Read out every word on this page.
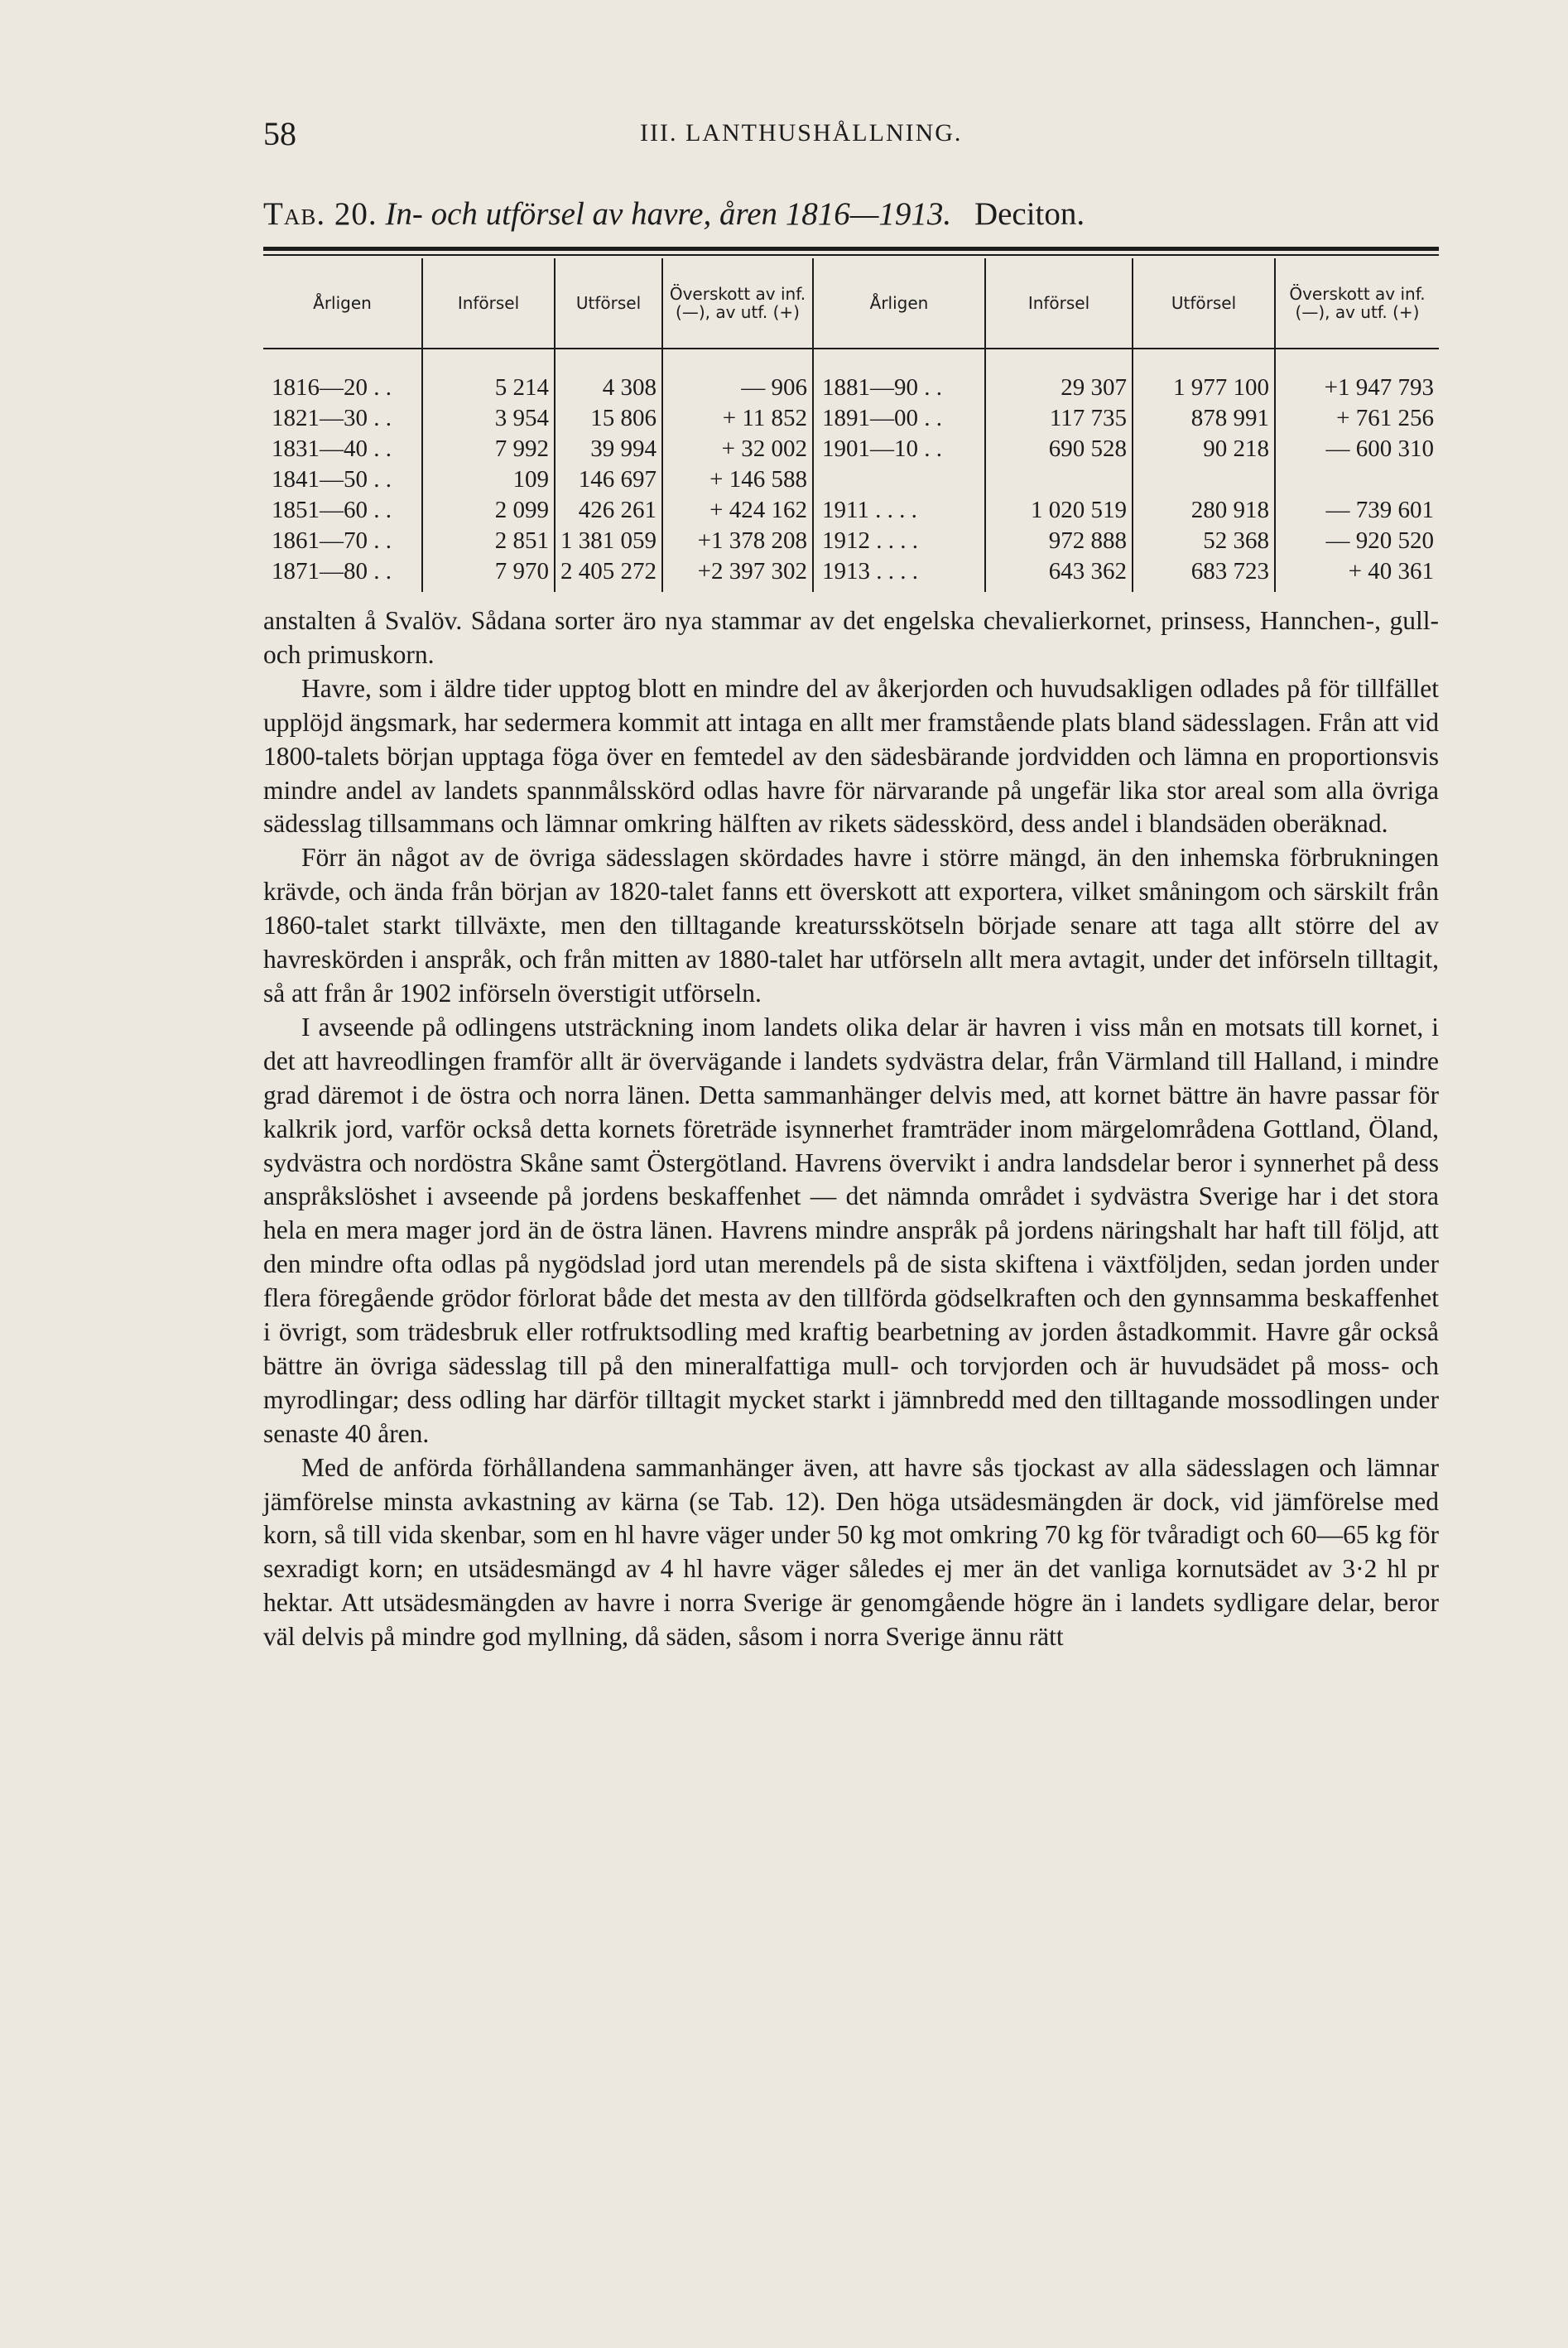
58	III. LANTHUSHÅLLNING.
Tab. 20. In- och utförsel av havre, åren 1816—1913. Deciton.
Årligen	Införsel	Utförsel	Överskott av inf. (—), av utf. (+)	Årligen	Införsel	Utförsel	Överskott av inf. (—), av utf. (+)
1816—20 . .	5 214	4 308	— 906	1881—90 . .	29 307	1 977 100	+1 947 793
1821—30 . .	3 954	15 806	+ 11 852	1891—00 . .	117 735	878 991	+ 761 256
1831—40 . .	7 992	39 994	+ 32 002	1901—10 . .	690 528	90 218	— 600 310
1841—50 . .	109	146 697	+ 146 588				
1851—60 . .	2 099	426 261	+ 424 162	1911 . . . .	1 020 519	280 918	— 739 601
1861—70 . .	2 851	1 381 059	+1 378 208	1912 . . . .	972 888	52 368	— 920 520
1871—80 . .	7 970	2 405 272	+2 397 302	1913 . . . .	643 362	683 723	+ 40 361

anstalten å Svalöv. Sådana sorter äro nya stammar av det engelska chevalierkornet, prinsess, Hannchen-, gull- och primuskorn.

Havre, som i äldre tider upptog blott en mindre del av åkerjorden och huvudsakligen odlades på för tillfället upplöjd ängsmark, har sedermera kommit att intaga en allt mer framstående plats bland sädesslagen. Från att vid 1800-talets början upptaga föga över en femtedel av den sädesbärande jordvidden och lämna en proportionsvis mindre andel av landets spannmålsskörd odlas havre för närvarande på ungefär lika stor areal som alla övriga sädesslag tillsammans och lämnar omkring hälften av rikets sädesskörd, dess andel i blandsäden oberäknad.

Förr än något av de övriga sädesslagen skördades havre i större mängd, än den inhemska förbrukningen krävde, och ända från början av 1820-talet fanns ett överskott att exportera, vilket småningom och särskilt från 1860-talet starkt tillväxte, men den tilltagande kreatursskötseln började senare att taga allt större del av havreskörden i anspråk, och från mitten av 1880-talet har utförseln allt mera avtagit, under det införseln tilltagit, så att från år 1902 införseln överstigit utförseln.

I avseende på odlingens utsträckning inom landets olika delar är havren i viss mån en motsats till kornet, i det att havreodlingen framför allt är övervägande i landets sydvästra delar, från Värmland till Halland, i mindre grad däremot i de östra och norra länen. Detta sammanhänger delvis med, att kornet bättre än havre passar för kalkrik jord, varför också detta kornets företräde isynnerhet framträder inom märgelområdena Gottland, Öland, sydvästra och nordöstra Skåne samt Östergötland. Havrens övervikt i andra landsdelar beror i synnerhet på dess anspråkslöshet i avseende på jordens beskaffenhet — det nämnda området i sydvästra Sverige har i det stora hela en mera mager jord än de östra länen. Havrens mindre anspråk på jordens näringshalt har haft till följd, att den mindre ofta odlas på nygödslad jord utan merendels på de sista skiftena i växtföljden, sedan jorden under flera föregående grödor förlorat både det mesta av den tillförda gödselkraften och den gynnsamma beskaffenhet i övrigt, som trädesbruk eller rotfruktsodling med kraftig bearbetning av jorden åstadkommit. Havre går också bättre än övriga sädesslag till på den mineralfattiga mull- och torvjorden och är huvudsädet på moss- och myrodlingar; dess odling har därför tilltagit mycket starkt i jämnbredd med den tilltagande mossodlingen under senaste 40 åren.

Med de anförda förhållandena sammanhänger även, att havre sås tjockast av alla sädesslagen och lämnar jämförelse minsta avkastning av kärna (se Tab. 12). Den höga utsädesmängden är dock, vid jämförelse med korn, så till vida skenbar, som en hl havre väger under 50 kg mot omkring 70 kg för tvåradigt och 60—65 kg för sexradigt korn; en utsädesmängd av 4 hl havre väger således ej mer än det vanliga kornutsädet av 3·2 hl pr hektar. Att utsädesmängden av havre i norra Sverige är genomgående högre än i landets sydligare delar, beror väl delvis på mindre god myllning, då säden, såsom i norra Sverige ännu rätt
